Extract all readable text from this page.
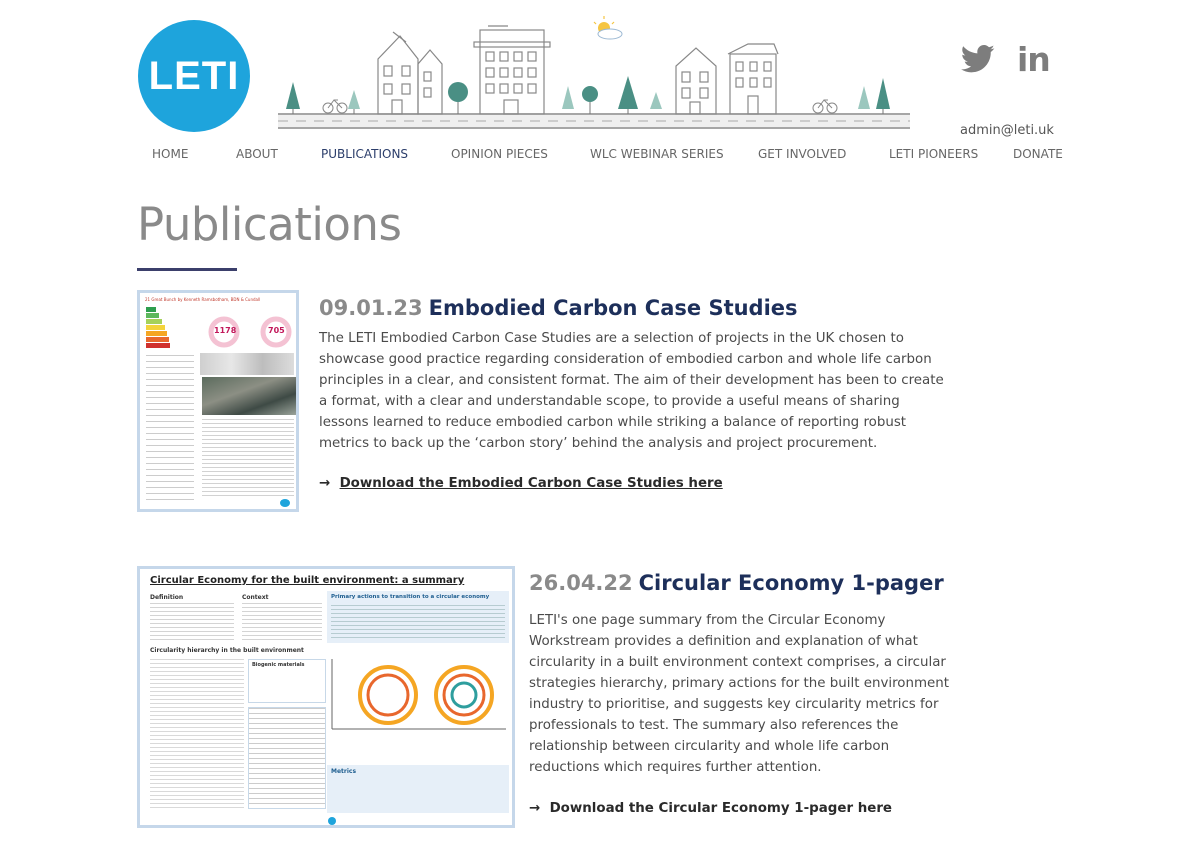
LETI	in
admin@leti.uk
HOME	ABOUT	PUBLICATIONS	OPINION PIECES	WLC WEBINAR SERIES	GET INVOLVED	LETI PIONEERS	DONATE
Publications
21 Great Bunch by Kenneth Ramsbotham, BDN & Cundall
1178	705
09.01.23 Embodied Carbon Case Studies

The LETI Embodied Carbon Case Studies are a selection of projects in the UK chosen to showcase good practice regarding consideration of embodied carbon and whole life carbon principles in a clear, and consistent format. The aim of their development has been to create a format, with a clear and understandable scope, to provide a useful means of sharing lessons learned to reduce embodied carbon while striking a balance of reporting robust metrics to back up the ‘carbon story’ behind the analysis and project procurement.

→ Download the Embodied Carbon Case Studies here
Circular Economy for the built environment: a summary
Definition	Context	Primary actions to transition to a circular economy
Circularity hierarchy in the built environment
Biogenic materials
Metrics
26.04.22 Circular Economy 1-pager

LETI's one page summary from the Circular Economy Workstream provides a definition and explanation of what circularity in a built environment context comprises, a circular strategies hierarchy, primary actions for the built environment industry to prioritise, and suggests key circularity metrics for professionals to test. The summary also references the relationship between circularity and whole life carbon reductions which requires further attention.

→ Download the Circular Economy 1-pager here
